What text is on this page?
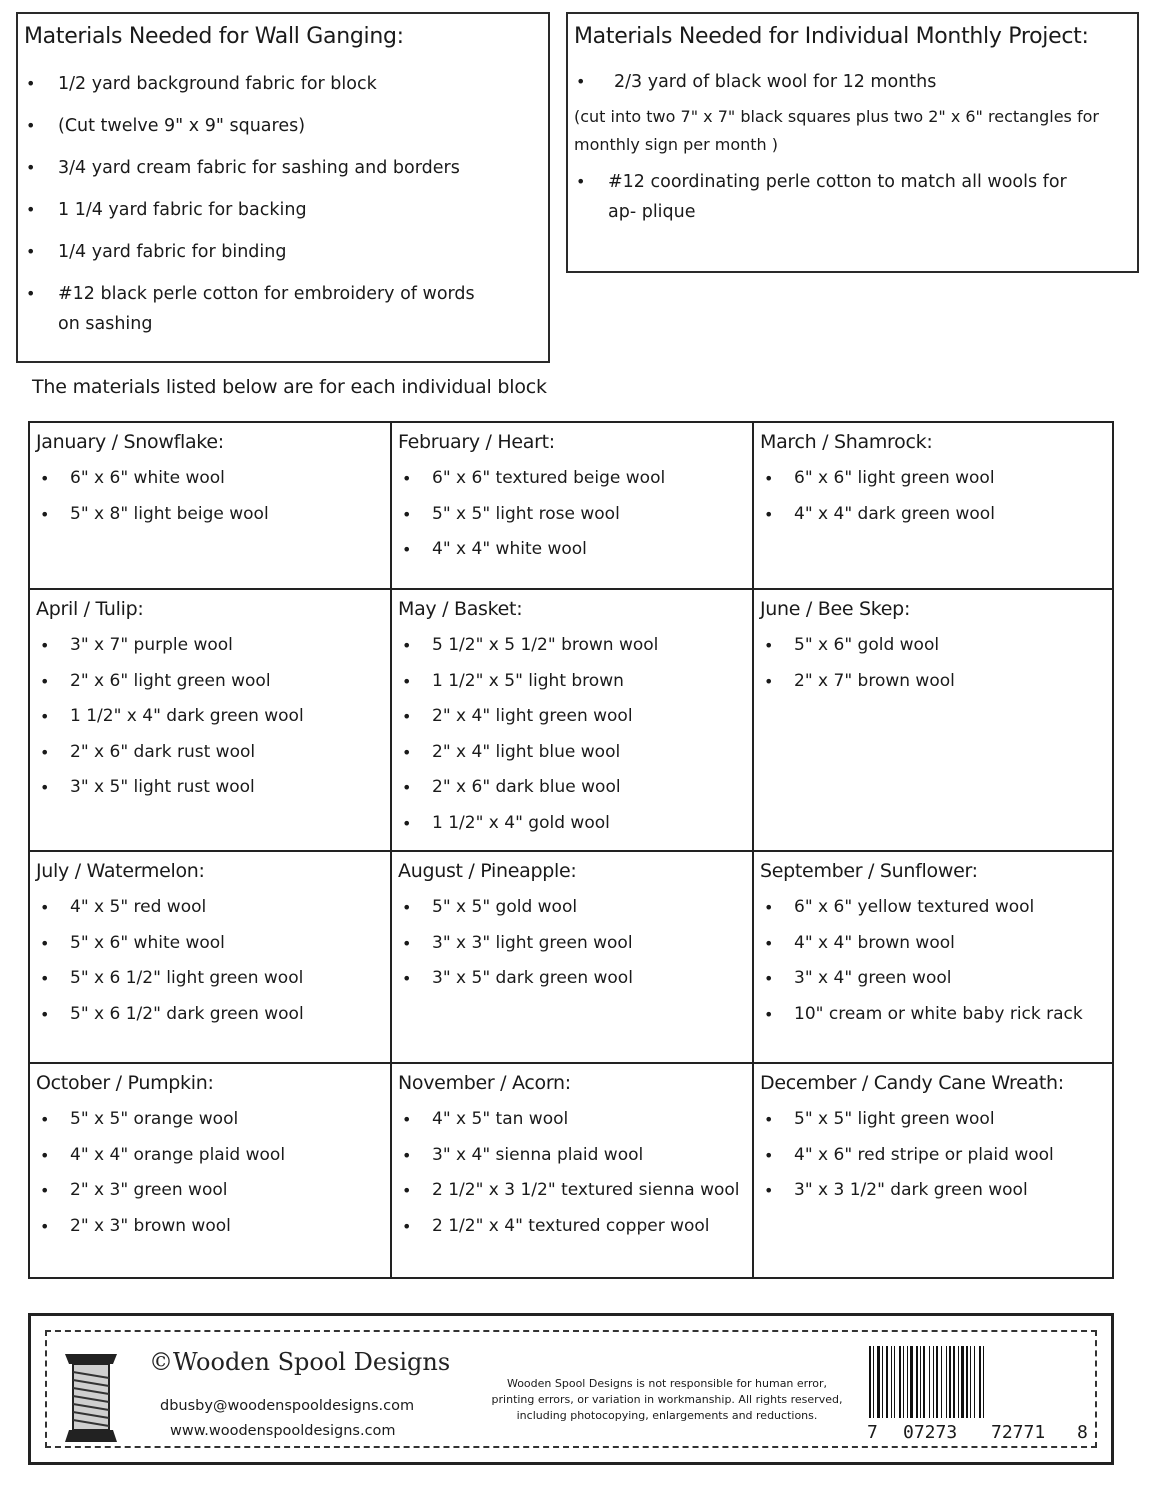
Materials Needed for Wall Ganging:
• 1/2 yard background fabric for block
• (Cut twelve 9" x 9" squares)
• 3/4 yard cream fabric for sashing and borders
• 1 1/4 yard fabric for backing
• 1/4 yard fabric for binding
• #12 black perle cotton for embroidery of words on sashing
Materials Needed for Individual Monthly Project:
• 2/3 yard of black wool for 12 months
(cut into two 7" x 7" black squares plus two 2" x 6" rectangles for monthly sign per month )
• #12 coordinating perle cotton to match all wools for ap- plique
The materials listed below are for each individual block
January / Snowflake:
• 6" x 6" white wool
• 5" x 8" light beige wool
February / Heart:
• 6" x 6" textured beige wool
• 5" x 5" light rose wool
• 4" x 4" white wool
March / Shamrock:
• 6" x 6" light green wool
• 4" x 4" dark green wool
April / Tulip:
• 3" x 7" purple wool
• 2" x 6" light green wool
• 1 1/2" x 4" dark green wool
• 2" x 6" dark rust wool
• 3" x 5" light rust wool
May / Basket:
• 5 1/2" x 5 1/2" brown wool
• 1 1/2" x 5" light brown
• 2" x 4" light green wool
• 2" x 4" light blue wool
• 2" x 6" dark blue wool
• 1 1/2" x 4" gold wool
June / Bee Skep:
• 5" x 6" gold wool
• 2" x 7" brown wool
July / Watermelon:
• 4" x 5" red wool
• 5" x 6" white wool
• 5" x 6 1/2" light green wool
• 5" x 6 1/2" dark green wool
August / Pineapple:
• 5" x 5" gold wool
• 3" x 3" light green wool
• 3" x 5" dark green wool
September / Sunflower:
• 6" x 6" yellow textured wool
• 4" x 4" brown wool
• 3" x 4" green wool
• 10" cream or white baby rick rack
October / Pumpkin:
• 5" x 5" orange wool
• 4" x 4" orange plaid wool
• 2" x 3" green wool
• 2" x 3" brown wool
November / Acorn:
• 4" x 5" tan wool
• 3" x 4" sienna plaid wool
• 2 1/2" x 3 1/2" textured sienna wool
• 2 1/2" x 4" textured copper wool
December / Candy Cane Wreath:
• 5" x 5" light green wool
• 4" x 6" red stripe or plaid wool
• 3" x 3 1/2" dark green wool
©Wooden Spool Designs
dbusby@woodenspooldesigns.com
www.woodenspooldesigns.com
Wooden Spool Designs is not responsible for human error, printing errors, or variation in workmanship. All rights reserved, including photocopying, enlargements and reductions.
7 07273 72771 8
